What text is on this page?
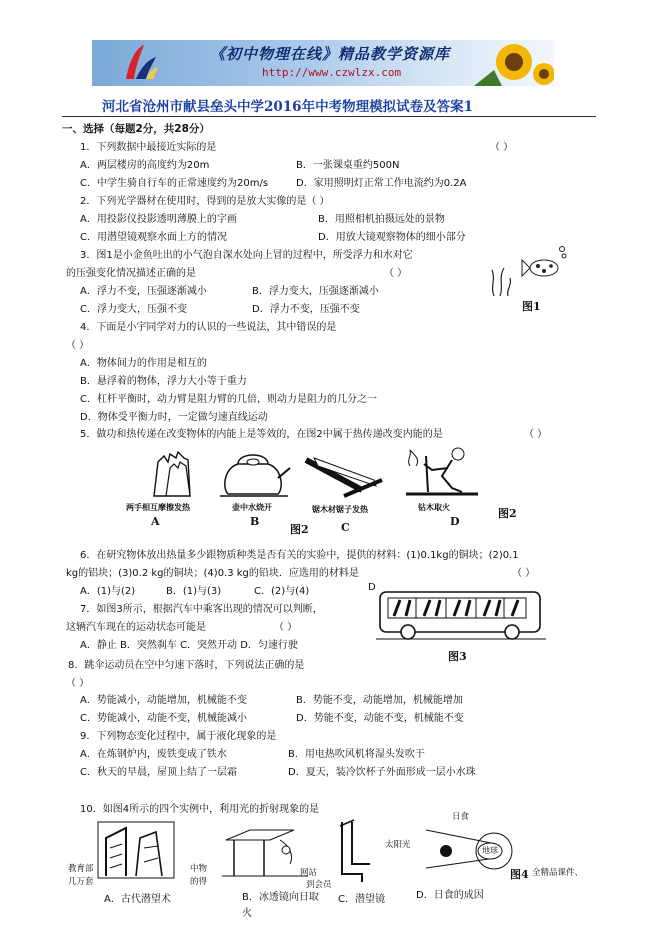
《初中物理在线》精品教学资源库
http://www.czwlzx.com
河北省沧州市献县垒头中学2016年中考物理模拟试卷及答案1
一、选择（每题2分，共28分）
1．下列数据中最接近实际的是	（ ）
A．两层楼房的高度约为20m	B．一张课桌重约500N
C．中学生骑自行车的正常速度约为20m/s	D．家用照明灯正常工作电流约为0.2A
2．下列光学器材在使用时，得到的是放大实像的是（ ）
A．用投影仪投影透明薄膜上的字画	B．用照相机拍摄远处的景物
C．用潜望镜观察水面上方的情况	D．用放大镜观察物体的细小部分
3．图1是小金鱼吐出的小气泡自深水处向上冒的过程中，所受浮力和水对它
的压强变化情况描述正确的是	（ ）
A．浮力不变，压强逐渐减小	B．浮力变大，压强逐渐减小
C．浮力变大，压强不变	D．浮力不变，压强不变	图1
4．下面是小宇同学对力的认识的一些说法，其中错误的是
（ ）
A．物体间力的作用是相互的
B．悬浮着的物体，浮力大小等于重力
C．杠杆平衡时，动力臂是阻力臂的几倍，则动力是阻力的几分之一
D．物体受平衡力时，一定做匀速直线运动
5．做功和热传递在改变物体的内能上是等效的，在图2中属于热传递改变内能的是	（ ）
两手相互摩擦发热	壶中水烧开	锯木材锯子发热	钻木取火	图2
A	B	C	D
图2
6．在研究物体放出热量多少跟物质种类是否有关的实验中，提供的材料：(1)0.1kg的铜块；(2)0.1
kg的铝块；(3)0.2 kg的铜块；(4)0.3 kg的铅块．应选用的材料是	（ ）
A．(1)与(2)	B．(1)与(3)	C．(2)与(4)	D
7．如图3所示，根据汽车中乘客出现的情况可以判断，
这辆汽车现在的运动状态可能是	（ ）
A．静止 B．突然刹车 C．突然开动 D．匀速行驶
图3
8．跳伞运动员在空中匀速下落时，下列说法正确的是
（ ）
A．势能减小，动能增加，机械能不变	B．势能不变，动能增加，机械能增加
C．势能减小，动能不变，机械能减小	D．势能不变，动能不变，机械能不变
9．下列物态变化过程中，属于液化现象的是
A．在炼钢炉内，废铁变成了铁水	B．用电热吹风机将湿头发吹干
C．秋天的早晨，屋顶上结了一层霜	D．夏天，装冷饮杯子外面形成一层小水珠
10．如图4所示的四个实例中，利用光的折射现象的是
教育部
几万套
中物
的得
网站
到会员
日食
太阳光
地球
图4 全精品课件、
A．古代潜望术	B．冰透镜向日取火
C．潜望镜	D．日食的成因
